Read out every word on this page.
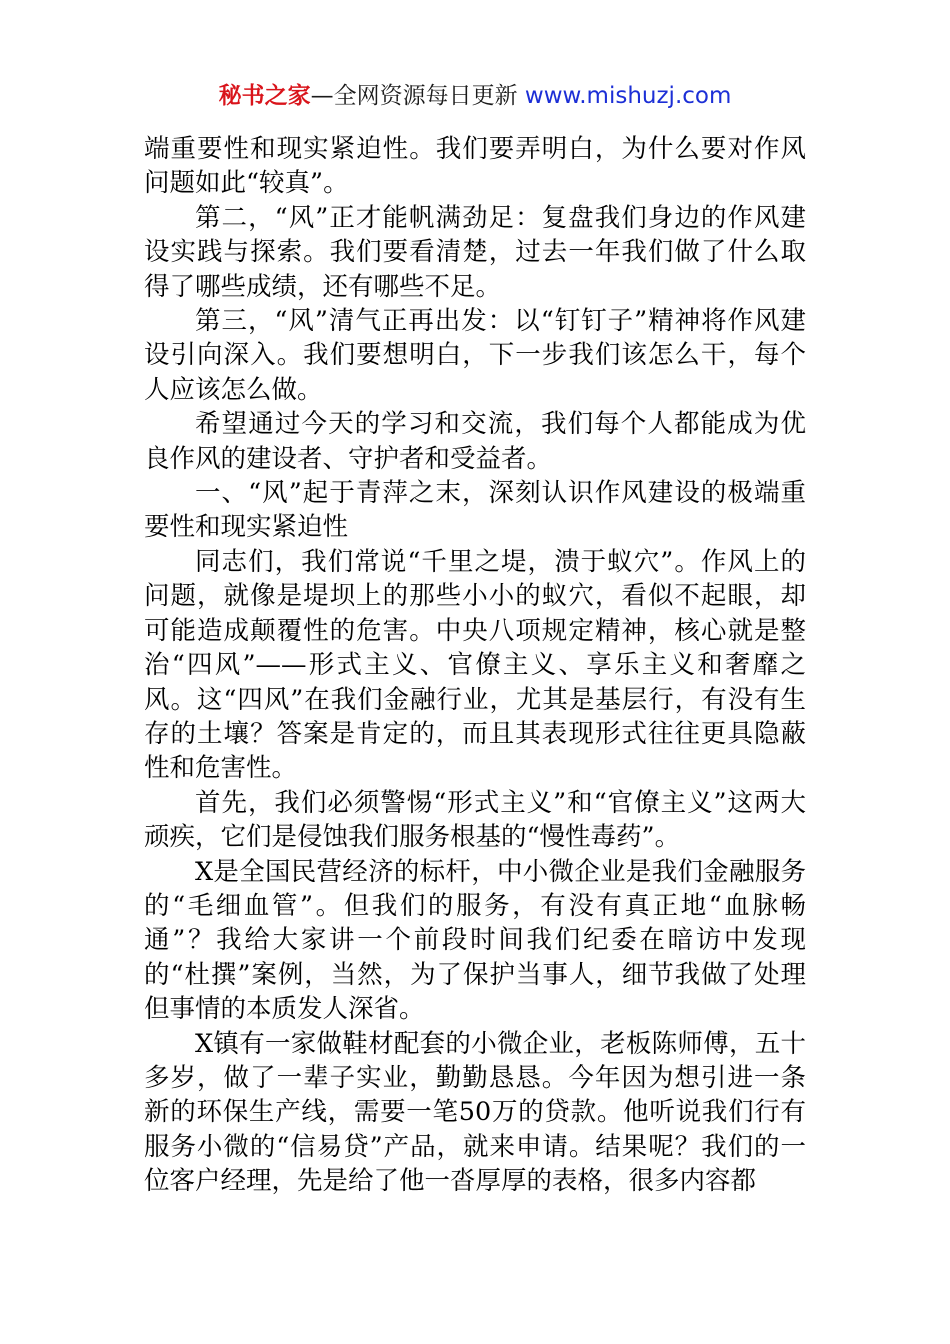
秘书之家—全网资源每日更新 www.mishuzj.com

端重要性和现实紧迫性。我们要弄明白，为什么要对作风问题如此“较真”。

第二，“风”正才能帆满劲足：复盘我们身边的作风建设实践与探索。我们要看清楚，过去一年我们做了什么取得了哪些成绩，还有哪些不足。

第三，“风”清气正再出发：以“钉钉子”精神将作风建设引向深入。我们要想明白，下一步我们该怎么干，每个人应该怎么做。

希望通过今天的学习和交流，我们每个人都能成为优良作风的建设者、守护者和受益者。

一、“风”起于青萍之末，深刻认识作风建设的极端重要性和现实紧迫性

同志们，我们常说“千里之堤，溃于蚁穴”。作风上的问题，就像是堤坝上的那些小小的蚁穴，看似不起眼，却可能造成颠覆性的危害。中央八项规定精神，核心就是整治“四风”——形式主义、官僚主义、享乐主义和奢靡之风。这“四风”在我们金融行业，尤其是基层行，有没有生存的土壤？答案是肯定的，而且其表现形式往往更具隐蔽性和危害性。

首先，我们必须警惕“形式主义”和“官僚主义”这两大顽疾，它们是侵蚀我们服务根基的“慢性毒药”。

X是全国民营经济的标杆，中小微企业是我们金融服务的“毛细血管”。但我们的服务，有没有真正地“血脉畅通”？我给大家讲一个前段时间我们纪委在暗访中发现的“杜撰”案例，当然，为了保护当事人，细节我做了处理但事情的本质发人深省。

X镇有一家做鞋材配套的小微企业，老板陈师傅，五十多岁，做了一辈子实业，勤勤恳恳。今年因为想引进一条新的环保生产线，需要一笔50万的贷款。他听说我们行有服务小微的“信易贷”产品，就来申请。结果呢？我们的一位客户经理，先是给了他一沓厚厚的表格，很多内容都
